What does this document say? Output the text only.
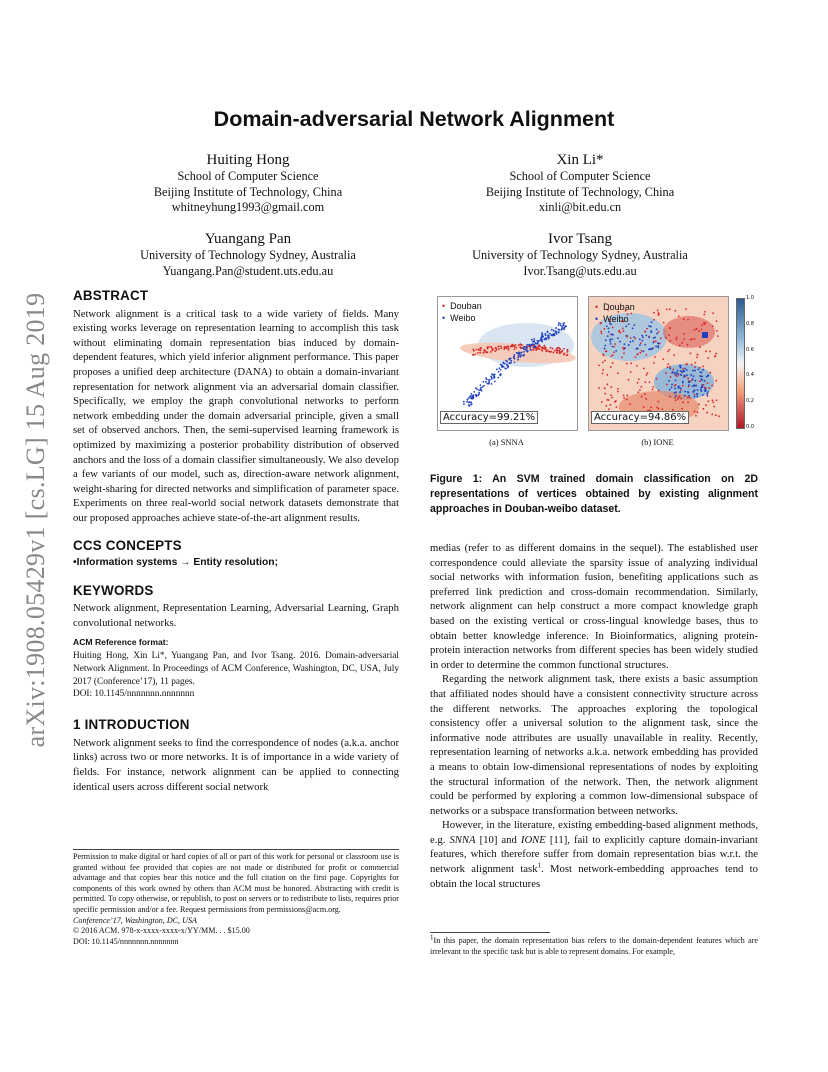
arXiv:1908.05429v1 [cs.LG] 15 Aug 2019
Domain-adversarial Network Alignment
Huiting Hong
School of Computer Science
Beijing Institute of Technology, China
whitneyhung1993@gmail.com
Xin Li*
School of Computer Science
Beijing Institute of Technology, China
xinli@bit.edu.cn
Yuangang Pan
University of Technology Sydney, Australia
Yuangang.Pan@student.uts.edu.au
Ivor Tsang
University of Technology Sydney, Australia
Ivor.Tsang@uts.edu.au
ABSTRACT

Network alignment is a critical task to a wide variety of fields. Many existing works leverage on representation learning to accomplish this task without eliminating domain representation bias induced by domain-dependent features, which yield inferior alignment performance. This paper proposes a unified deep architecture (DANA) to obtain a domain-invariant representation for network alignment via an adversarial domain classifier. Specifically, we employ the graph convolutional networks to perform network embedding under the domain adversarial principle, given a small set of observed anchors. Then, the semi-supervised learning framework is optimized by maximizing a posterior probability distribution of observed anchors and the loss of a domain classifier simultaneously. We also develop a few variants of our model, such as, direction-aware network alignment, weight-sharing for directed networks and simplification of parameter space. Experiments on three real-world social network datasets demonstrate that our proposed approaches achieve state-of-the-art alignment results.

CCS CONCEPTS

•Information systems → Entity resolution;

KEYWORDS

Network alignment, Representation Learning, Adversarial Learning, Graph convolutional networks.

ACM Reference format:

Huiting Hong, Xin Li*, Yuangang Pan, and Ivor Tsang. 2016. Domain-adversarial Network Alignment. In Proceedings of ACM Conference, Washington, DC, USA, July 2017 (Conference’17), 11 pages.

DOI: 10.1145/nnnnnnn.nnnnnnn

1 INTRODUCTION

Network alignment seeks to find the correspondence of nodes (a.k.a. anchor links) across two or more networks. It is of importance in a wide variety of fields. For instance, network alignment can be applied to connecting identical users across different social network

Permission to make digital or hard copies of all or part of this work for personal or classroom use is granted without fee provided that copies are not made or distributed for profit or commercial advantage and that copies bear this notice and the full citation on the first page. Copyrights for components of this work owned by others than ACM must be honored. Abstracting with credit is permitted. To copy otherwise, or republish, to post on servers or to redistribute to lists, requires prior specific permission and/or a fee. Request permissions from permissions@acm.org.
Conference’17, Washington, DC, USA
© 2016 ACM. 978-x-xxxx-xxxx-x/YY/MM. . . $15.00
DOI: 10.1145/nnnnnnn.nnnnnnn
• Douban
• Weibo
Accuracy=99.21%
(a) SNNA
• Douban
• Weibo
Accuracy=94.86%
(b) IONE
1.0
0.8
0.6
0.4
0.2
0.0
Figure 1: An SVM trained domain classification on 2D representations of vertices obtained by existing alignment approaches in Douban-weibo dataset.

medias (refer to as different domains in the sequel). The established user correspondence could alleviate the sparsity issue of analyzing individual social networks with information fusion, benefiting applications such as preferred link prediction and cross-domain recommendation. Similarly, network alignment can help construct a more compact knowledge graph based on the existing vertical or cross-lingual knowledge bases, thus to obtain better knowledge inference. In Bioinformatics, aligning protein-protein interaction networks from different species has been widely studied in order to determine the common functional structures.

Regarding the network alignment task, there exists a basic assumption that affiliated nodes should have a consistent connectivity structure across the different networks. The approaches exploring the topological consistency offer a universal solution to the alignment task, since the informative node attributes are usually unavailable in reality. Recently, representation learning of networks a.k.a. network embedding has provided a means to obtain low-dimensional representations of nodes by exploiting the structural information of the network. Then, the network alignment could be performed by exploring a common low-dimensional subspace of networks or a subspace transformation between networks.

However, in the literature, existing embedding-based alignment methods, e.g. SNNA [10] and IONE [11], fail to explicitly capture domain-invariant features, which therefore suffer from domain representation bias w.r.t. the network alignment task$^1$. Most network-embedding approaches tend to obtain the local structures

1In this paper, the domain representation bias refers to the domain-dependent features which are irrelevant to the specific task but is able to represent domains. For example,
